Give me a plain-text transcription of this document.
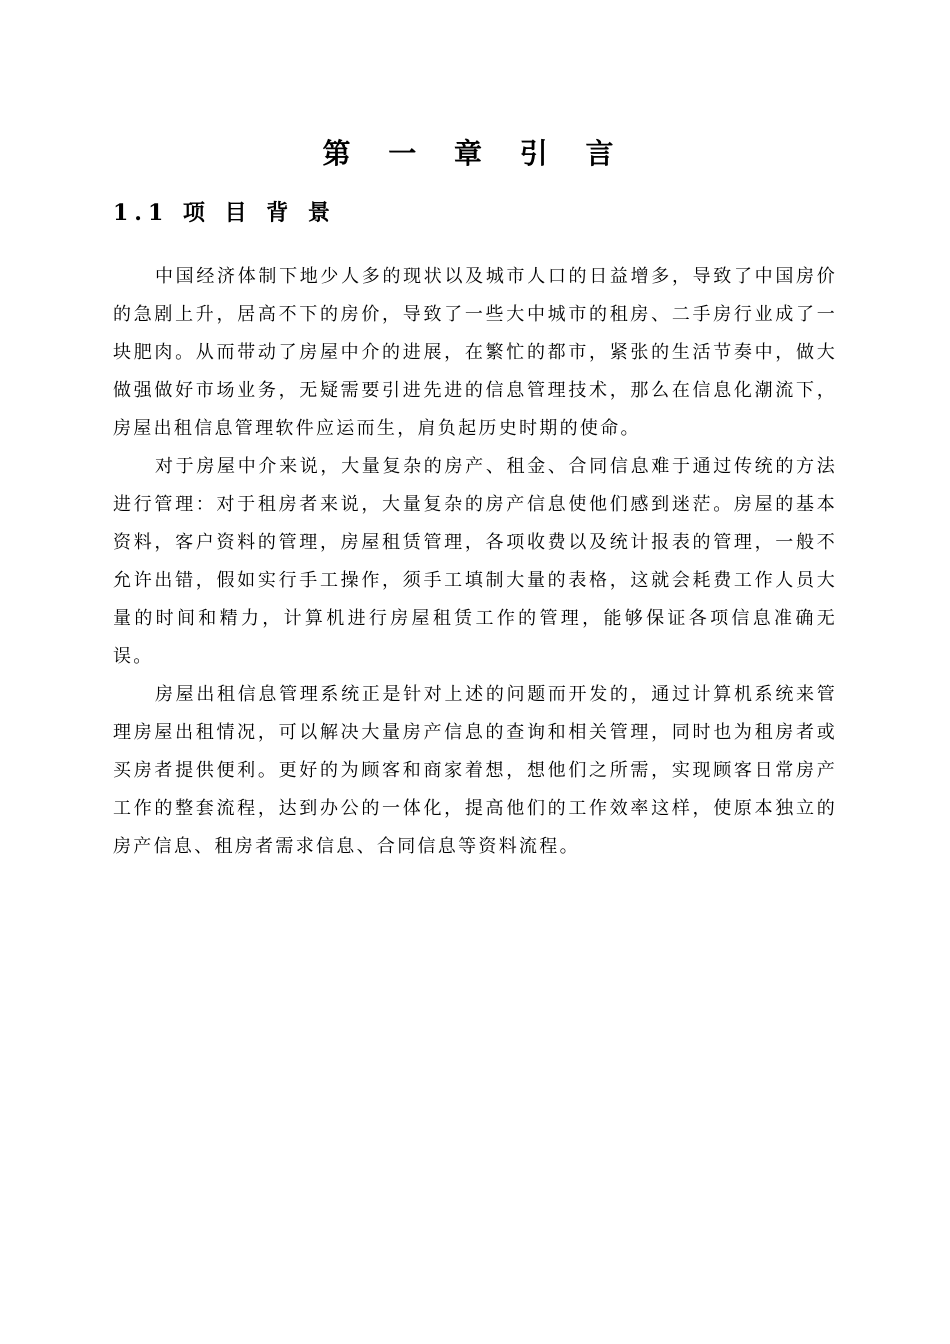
第 一 章 引 言
1.1 项 目 背 景

中国经济体制下地少人多的现状以及城市人口的日益增多，导致了中国房价的急剧上升，居高不下的房价，导致了一些大中城市的租房、二手房行业成了一块肥肉。从而带动了房屋中介的进展，在繁忙的都市，紧张的生活节奏中，做大做强做好市场业务，无疑需要引进先进的信息管理技术，那么在信息化潮流下，房屋出租信息管理软件应运而生，肩负起历史时期的使命。

对于房屋中介来说，大量复杂的房产、租金、合同信息难于通过传统的方法进行管理：对于租房者来说，大量复杂的房产信息使他们感到迷茫。房屋的基本资料，客户资料的管理，房屋租赁管理，各项收费以及统计报表的管理，一般不允许出错，假如实行手工操作，须手工填制大量的表格，这就会耗费工作人员大量的时间和精力，计算机进行房屋租赁工作的管理，能够保证各项信息准确无误。

房屋出租信息管理系统正是针对上述的问题而开发的，通过计算机系统来管理房屋出租情况，可以解决大量房产信息的查询和相关管理，同时也为租房者或买房者提供便利。更好的为顾客和商家着想，想他们之所需，实现顾客日常房产工作的整套流程，达到办公的一体化，提高他们的工作效率这样，使原本独立的房产信息、租房者需求信息、合同信息等资料流程。
